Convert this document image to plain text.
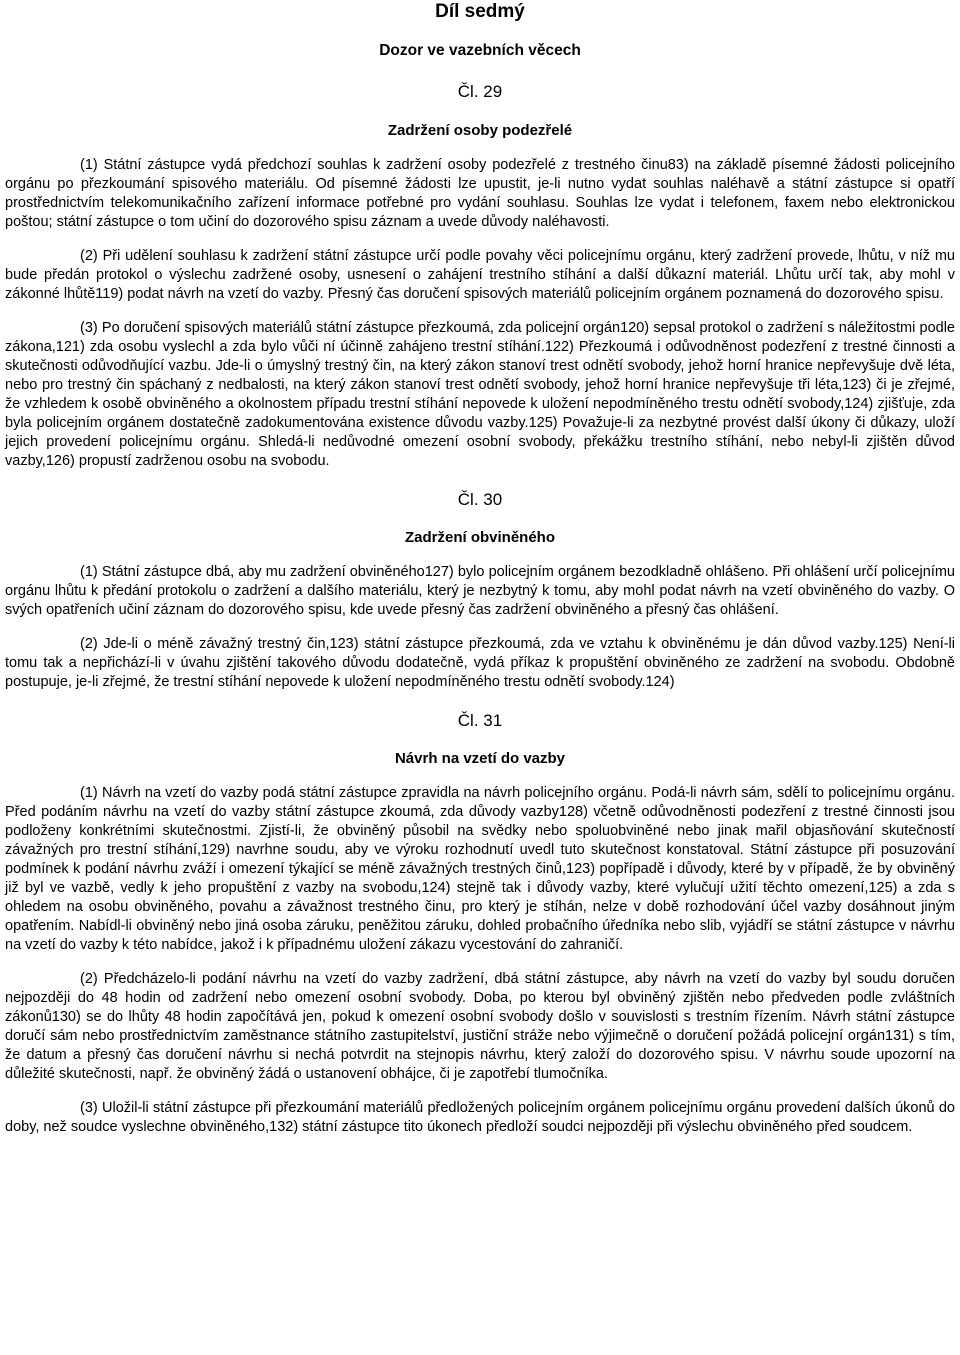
Díl sedmý
Dozor ve vazebních věcech
Čl. 29
Zadržení osoby podezřelé

(1) Státní zástupce vydá předchozí souhlas k zadržení osoby podezřelé z trestného činu83) na základě písemné žádosti policejního orgánu po přezkoumání spisového materiálu. Od písemné žádosti lze upustit, je-li nutno vydat souhlas naléhavě a státní zástupce si opatří prostřednictvím telekomunikačního zařízení informace potřebné pro vydání souhlasu. Souhlas lze vydat i telefonem, faxem nebo elektronickou poštou; státní zástupce o tom učiní do dozorového spisu záznam a uvede důvody naléhavosti.

(2) Při udělení souhlasu k zadržení státní zástupce určí podle povahy věci policejnímu orgánu, který zadržení provede, lhůtu, v níž mu bude předán protokol o výslechu zadržené osoby, usnesení o zahájení trestního stíhání a další důkazní materiál. Lhůtu určí tak, aby mohl v zákonné lhůtě119) podat návrh na vzetí do vazby. Přesný čas doručení spisových materiálů policejním orgánem poznamená do dozorového spisu.

(3) Po doručení spisových materiálů státní zástupce přezkoumá, zda policejní orgán120) sepsal protokol o zadržení s náležitostmi podle zákona,121) zda osobu vyslechl a zda bylo vůči ní účinně zahájeno trestní stíhání.122) Přezkoumá i odůvodněnost podezření z trestné činnosti a skutečnosti odůvodňující vazbu. Jde-li o úmyslný trestný čin, na který zákon stanoví trest odnětí svobody, jehož horní hranice nepřevyšuje dvě léta, nebo pro trestný čin spáchaný z nedbalosti, na který zákon stanoví trest odnětí svobody, jehož horní hranice nepřevyšuje tři léta,123) či je zřejmé, že vzhledem k osobě obviněného a okolnostem případu trestní stíhání nepovede k uložení nepodmíněného trestu odnětí svobody,124) zjišťuje, zda byla policejním orgánem dostatečně zadokumentována existence důvodu vazby.125) Považuje-li za nezbytné provést další úkony či důkazy, uloží jejich provedení policejnímu orgánu. Shledá-li nedůvodné omezení osobní svobody, překážku trestního stíhání, nebo nebyl-li zjištěn důvod vazby,126) propustí zadrženou osobu na svobodu.

Čl. 30
Zadržení obviněného

(1) Státní zástupce dbá, aby mu zadržení obviněného127) bylo policejním orgánem bezodkladně ohlášeno. Při ohlášení určí policejnímu orgánu lhůtu k předání protokolu o zadržení a dalšího materiálu, který je nezbytný k tomu, aby mohl podat návrh na vzetí obviněného do vazby. O svých opatřeních učiní záznam do dozorového spisu, kde uvede přesný čas zadržení obviněného a přesný čas ohlášení.

(2) Jde-li o méně závažný trestný čin,123) státní zástupce přezkoumá, zda ve vztahu k obviněnému je dán důvod vazby.125) Není-li tomu tak a nepřichází-li v úvahu zjištění takového důvodu dodatečně, vydá příkaz k propuštění obviněného ze zadržení na svobodu. Obdobně postupuje, je-li zřejmé, že trestní stíhání nepovede k uložení nepodmíněného trestu odnětí svobody.124)

Čl. 31
Návrh na vzetí do vazby

(1) Návrh na vzetí do vazby podá státní zástupce zpravidla na návrh policejního orgánu. Podá-li návrh sám, sdělí to policejnímu orgánu. Před podáním návrhu na vzetí do vazby státní zástupce zkoumá, zda důvody vazby128) včetně odůvodněnosti podezření z trestné činnosti jsou podloženy konkrétními skutečnostmi. Zjistí-li, že obviněný působil na svědky nebo spoluobviněné nebo jinak mařil objasňování skutečností závažných pro trestní stíhání,129) navrhne soudu, aby ve výroku rozhodnutí uvedl tuto skutečnost konstatoval. Státní zástupce při posuzování podmínek k podání návrhu zváží i omezení týkající se méně závažných trestných činů,123) popřípadě i důvody, které by v případě, že by obviněný již byl ve vazbě, vedly k jeho propuštění z vazby na svobodu,124) stejně tak i důvody vazby, které vylučují užití těchto omezení,125) a zda s ohledem na osobu obviněného, povahu a závažnost trestného činu, pro který je stíhán, nelze v době rozhodování účel vazby dosáhnout jiným opatřením. Nabídl-li obviněný nebo jiná osoba záruku, peněžitou záruku, dohled probačního úředníka nebo slib, vyjádří se státní zástupce v návrhu na vzetí do vazby k této nabídce, jakož i k případnému uložení zákazu vycestování do zahraničí.

(2) Předcházelo-li podání návrhu na vzetí do vazby zadržení, dbá státní zástupce, aby návrh na vzetí do vazby byl soudu doručen nejpozději do 48 hodin od zadržení nebo omezení osobní svobody. Doba, po kterou byl obviněný zjištěn nebo předveden podle zvláštních zákonů130) se do lhůty 48 hodin započítává jen, pokud k omezení osobní svobody došlo v souvislosti s trestním řízením. Návrh státní zástupce doručí sám nebo prostřednictvím zaměstnance státního zastupitelství, justiční stráže nebo výjimečně o doručení požádá policejní orgán131) s tím, že datum a přesný čas doručení návrhu si nechá potvrdit na stejnopis návrhu, který založí do dozorového spisu. V návrhu soude upozorní na důležité skutečnosti, např. že obviněný žádá o ustanovení obhájce, či je zapotřebí tlumočníka.

(3) Uložil-li státní zástupce při přezkoumání materiálů předložených policejním orgánem policejnímu orgánu provedení dalších úkonů do doby, než soudce vyslechne obviněného,132) státní zástupce tito úkonech předloží soudci nejpozději při výslechu obviněného před soudcem.
